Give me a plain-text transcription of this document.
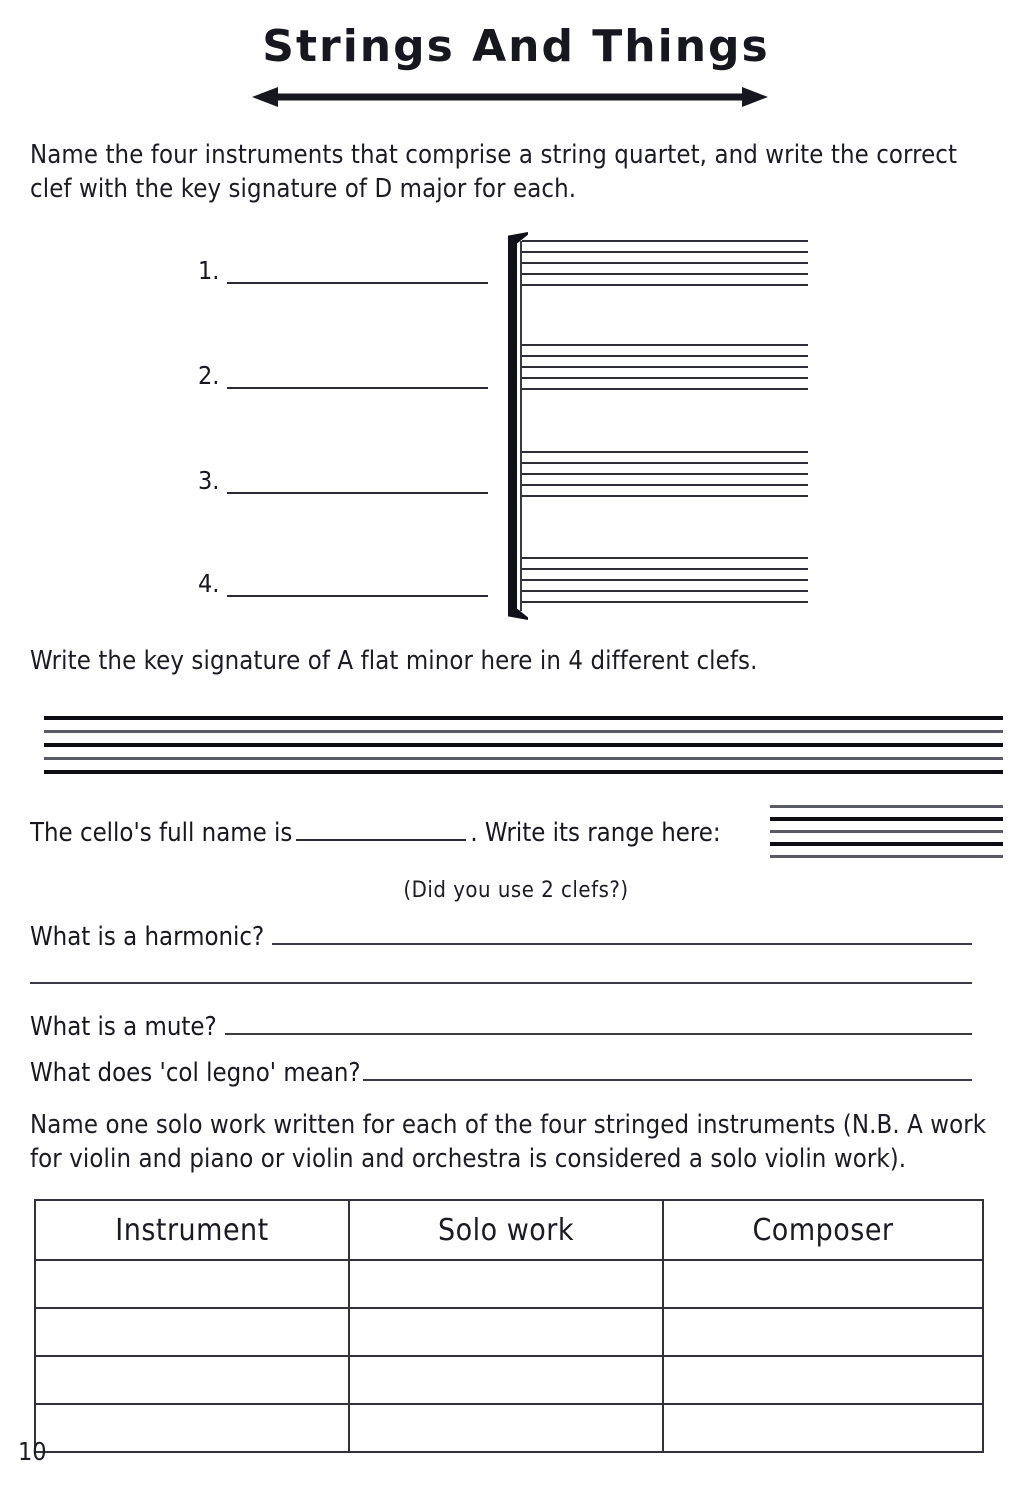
Strings And Things
Name the four instruments that comprise a string quartet, and write the correct clef with the key signature of D major for each.
1.
2.
3.
4.
Write the key signature of A flat minor here in 4 different clefs.
The cello's full name is	. Write its range here:
(Did you use 2 clefs?)
What is a harmonic?
What is a mute?
What does 'col legno' mean?
Name one solo work written for each of the four stringed instruments (N.B. A work for violin and piano or violin and orchestra is considered a solo violin work).
Instrument	Solo work	Composer

10
